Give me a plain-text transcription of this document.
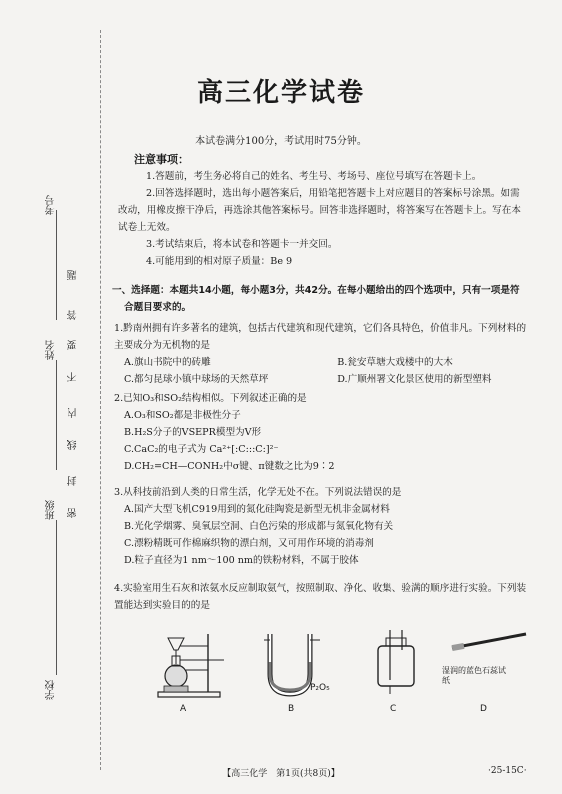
考号
姓名
班级
学校
题
答
要
不
内
线
封
密
高三化学试卷
本试卷满分100分，考试用时75分钟。
注意事项：

1.答题前，考生务必将自己的姓名、考生号、考场号、座位号填写在答题卡上。

2.回答选择题时，选出每小题答案后，用铅笔把答题卡上对应题目的答案标号涂黑。如需改动，用橡皮擦干净后，再选涂其他答案标号。回答非选择题时，将答案写在答题卡上。写在本试卷上无效。

3.考试结束后，将本试卷和答题卡一并交回。

4.可能用到的相对原子质量：Be 9

一、选择题：本题共14小题，每小题3分，共42分。在每小题给出的四个选项中，只有一项是符
合题目要求的。

1.黔南州拥有许多著名的建筑，包括古代建筑和现代建筑，它们各具特色，价值非凡。下列材料的主要成分为无机物的是

A.旗山书院中的砖雕	B.瓮安草塘大戏楼中的大木
C.都匀昆球小镇中球场的天然草坪	D.广顺州署文化景区使用的新型塑料

2.已知O₃和SO₂结构相似。下列叙述正确的是

A.O₃和SO₂都是非极性分子

B.H₂S分子的VSEPR模型为V形

C.CaC₂的电子式为 Ca²⁺[:C:::C:]²⁻

D.CH₂=CH—CONH₂中σ键、π键数之比为9∶2

3.从科技前沿到人类的日常生活，化学无处不在。下列说法错误的是

A.国产大型飞机C919用到的氮化硅陶瓷是新型无机非金属材料

B.光化学烟雾、臭氧层空洞、白色污染的形成都与氮氧化物有关

C.漂粉精既可作棉麻织物的漂白剂，又可用作环境的消毒剂

D.粒子直径为1 nm～100 nm的铁粉材料，不属于胶体

4.实验室用生石灰和浓氨水反应制取氨气，按照制取、净化、收集、验满的顺序进行实验。下列装置能达到实验目的的是

P₂O₅
湿润的蓝色石蕊试纸
A	B	C	D
【高三化学　第1页(共8页)】	·25-15C·
